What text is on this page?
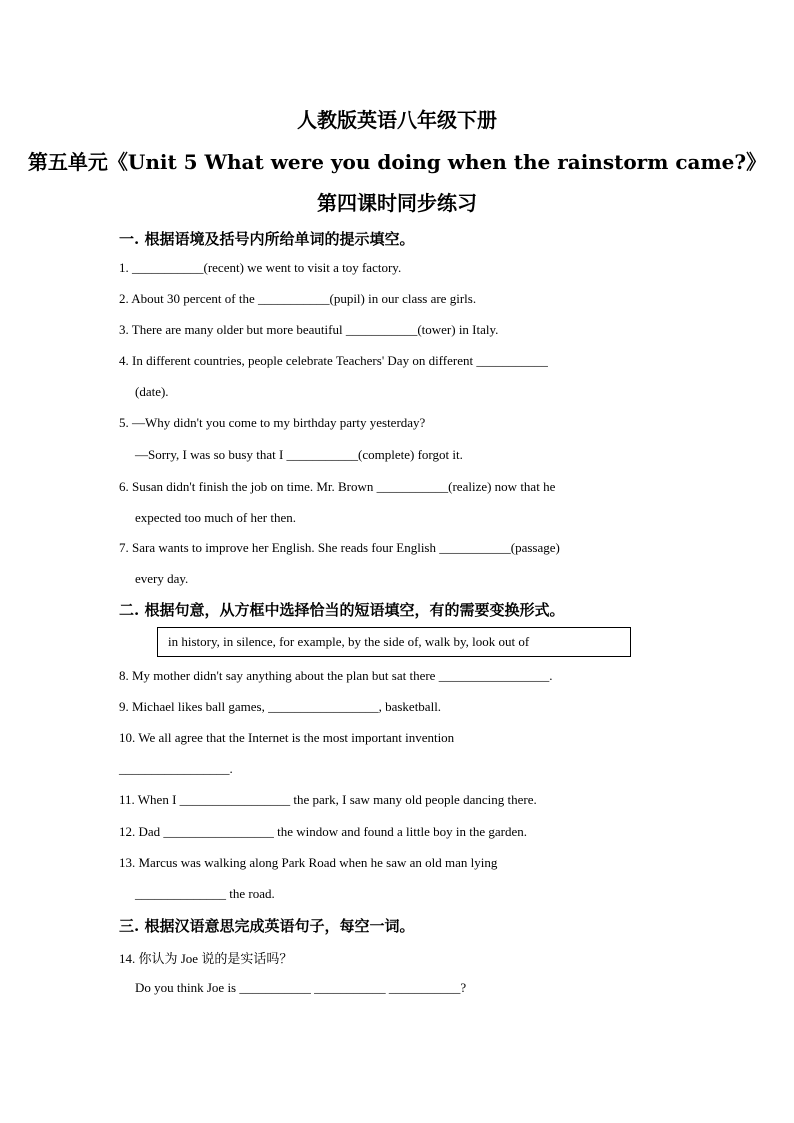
人教版英语八年级下册
第五单元《Unit 5 What were you doing when the rainstorm came?》
第四课时同步练习
一. 根据语境及括号内所给单词的提示填空。
1. ___________(recent) we went to visit a toy factory.
2. About 30 percent of the ___________(pupil) in our class are girls.
3. There are many older but more beautiful ___________(tower) in Italy.
4. In different countries, people celebrate Teachers' Day on different ___________
(date).
5. —Why didn't you come to my birthday party yesterday?
—Sorry, I was so busy that I ___________(complete) forgot it.
6. Susan didn't finish the job on time. Mr. Brown ___________(realize) now that he
expected too much of her then.
7. Sara wants to improve her English. She reads four English ___________(passage)
every day.
二. 根据句意，从方框中选择恰当的短语填空，有的需要变换形式。
in history, in silence, for example, by the side of, walk by, look out of
8. My mother didn't say anything about the plan but sat there _________________.
9. Michael likes ball games, _________________, basketball.
10. We all agree that the Internet is the most important invention
_________________.
11. When I _________________ the park, I saw many old people dancing there.
12. Dad _________________ the window and found a little boy in the garden.
13. Marcus was walking along Park Road when he saw an old man lying
______________ the road.
三. 根据汉语意思完成英语句子，每空一词。
14. 你认为 Joe 说的是实话吗？
Do you think Joe is ___________ ___________ ___________?
